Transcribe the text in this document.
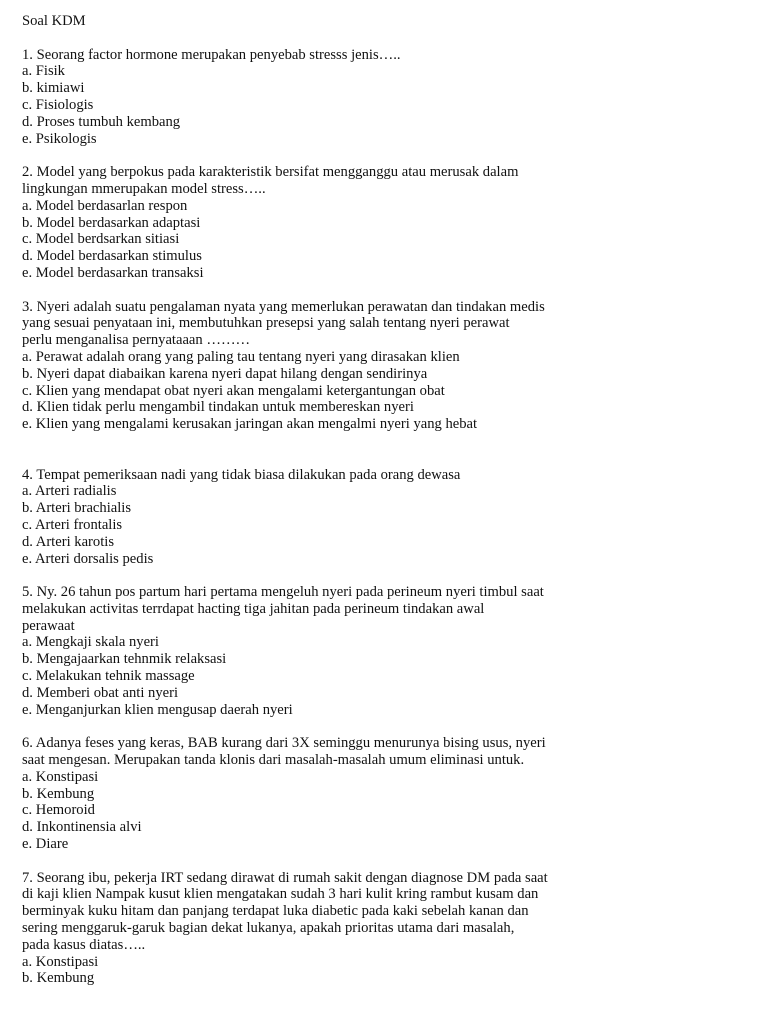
Soal KDM
1. Seorang factor hormone merupakan penyebab stresss jenis…..
a. Fisik
b. kimiawi
c. Fisiologis
d. Proses tumbuh kembang
e. Psikologis
2. Model yang berpokus pada karakteristik bersifat mengganggu atau merusak dalam
lingkungan mmerupakan model stress…..
a. Model berdasarlan respon
b. Model berdasarkan adaptasi
c. Model berdsarkan sitiasi
d. Model berdasarkan stimulus
e. Model berdasarkan transaksi
3. Nyeri adalah suatu pengalaman nyata yang memerlukan perawatan dan tindakan medis
yang sesuai penyataan ini, membutuhkan presepsi yang salah tentang nyeri perawat
perlu menganalisa pernyataaan ………
a. Perawat adalah orang yang paling tau tentang nyeri yang dirasakan klien
b. Nyeri dapat diabaikan karena nyeri dapat hilang dengan sendirinya
c. Klien yang mendapat obat nyeri akan mengalami ketergantungan obat
d. Klien tidak perlu mengambil tindakan untuk membereskan nyeri
e. Klien yang mengalami kerusakan jaringan akan mengalmi nyeri yang hebat
4. Tempat pemeriksaan nadi yang tidak biasa dilakukan pada orang dewasa
a. Arteri radialis
b. Arteri brachialis
c. Arteri frontalis
d. Arteri karotis
e. Arteri dorsalis pedis
5. Ny. 26 tahun pos partum hari pertama mengeluh nyeri pada perineum nyeri timbul saat
melakukan activitas terrdapat hacting tiga jahitan pada perineum tindakan awal
perawaat
a. Mengkaji skala nyeri
b. Mengajaarkan tehnmik relaksasi
c. Melakukan tehnik massage
d. Memberi obat anti nyeri
e. Menganjurkan klien mengusap daerah nyeri
6. Adanya feses yang keras, BAB kurang dari 3X seminggu menurunya bising usus, nyeri
saat mengesan. Merupakan tanda klonis dari masalah-masalah umum eliminasi untuk.
a. Konstipasi
b. Kembung
c. Hemoroid
d. Inkontinensia alvi
e. Diare
7. Seorang ibu, pekerja IRT sedang dirawat di rumah sakit dengan diagnose DM pada saat
di kaji klien Nampak kusut klien mengatakan sudah 3 hari kulit kring rambut kusam dan
berminyak kuku hitam dan panjang terdapat luka diabetic pada kaki sebelah kanan dan
sering menggaruk-garuk bagian dekat lukanya, apakah prioritas utama dari masalah,
pada kasus diatas…..
a. Konstipasi
b. Kembung
